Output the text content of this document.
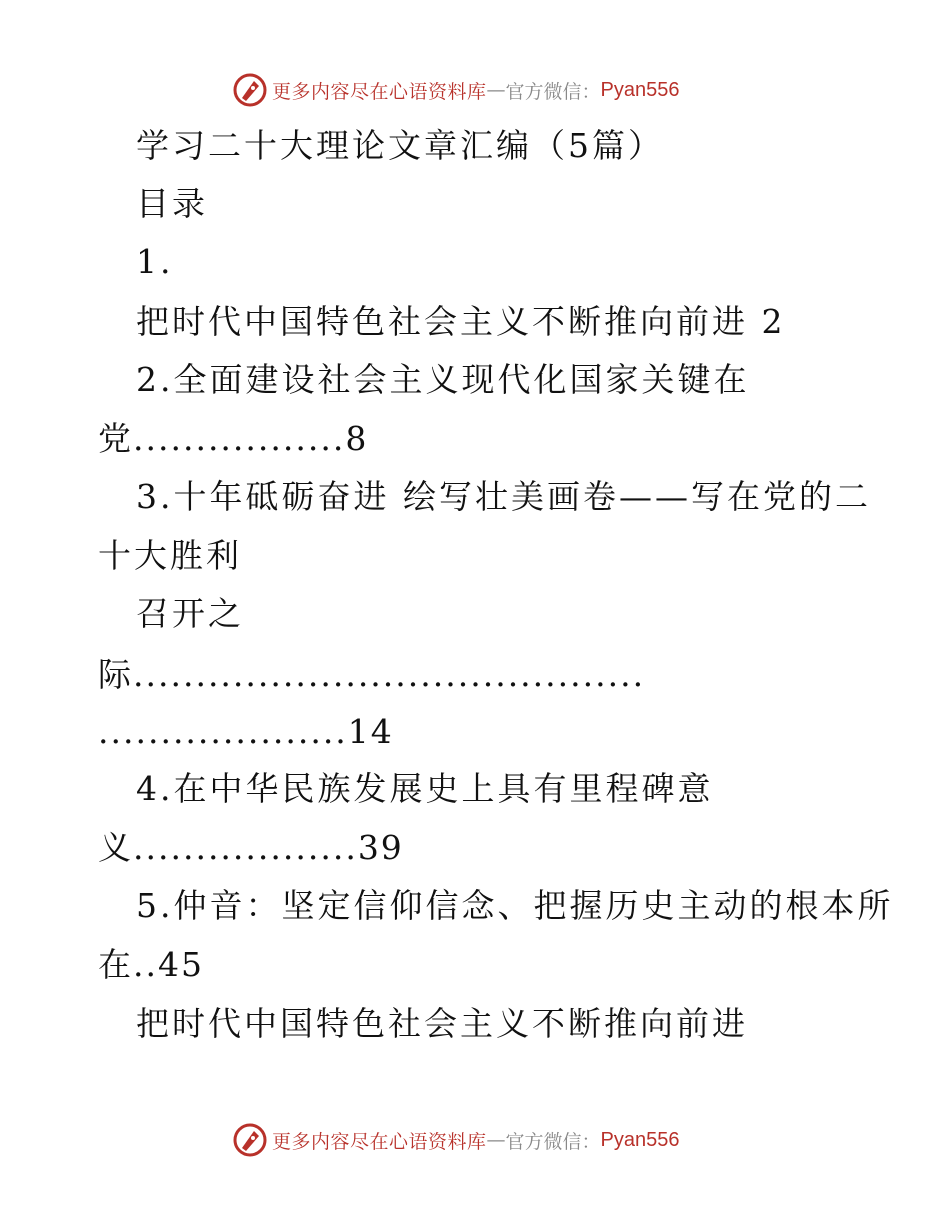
更多内容尽在心语资料库 — 官方微信： Pyan556
学习二十大理论文章汇编（5篇）
目录
1.
把时代中国特色社会主义不断推向前进 2
2.全面建设社会主义现代化国家关键在
党.................8
3.十年砥砺奋进 绘写壮美画卷——写在党的二
十大胜利
召开之
际.........................................
....................14
4.在中华民族发展史上具有里程碑意
义..................39
5.仲音：坚定信仰信念、把握历史主动的根本所
在..45
把时代中国特色社会主义不断推向前进
更多内容尽在心语资料库 — 官方微信： Pyan556
